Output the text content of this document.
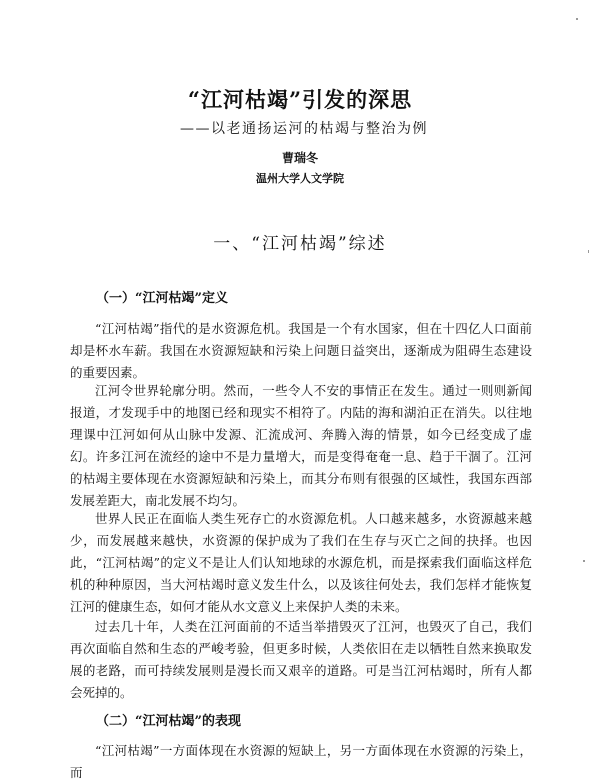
“江河枯竭”引发的深思
——以老通扬运河的枯竭与整治为例
曹瑞冬
温州大学人文学院
一、“江河枯竭”综述
（一）“江河枯竭”定义

“江河枯竭”指代的是水资源危机。我国是一个有水国家，但在十四亿人口面前却是杯水车薪。我国在水资源短缺和污染上问题日益突出，逐渐成为阻碍生态建设的重要因素。

江河令世界轮廓分明。然而，一些令人不安的事情正在发生。通过一则则新闻报道，才发现手中的地图已经和现实不相符了。内陆的海和湖泊正在消失。以往地理课中江河如何从山脉中发源、汇流成河、奔腾入海的情景，如今已经变成了虚幻。许多江河在流经的途中不是力量增大，而是变得奄奄一息、趋于干涸了。江河的枯竭主要体现在水资源短缺和污染上，而其分布则有很强的区域性，我国东西部发展差距大，南北发展不均匀。

世界人民正在面临人类生死存亡的水资源危机。人口越来越多，水资源越来越少，而发展越来越快，水资源的保护成为了我们在生存与灭亡之间的抉择。也因此，“江河枯竭”的定义不是让人们认知地球的水源危机，而是探索我们面临这样危机的种种原因，当大河枯竭时意义发生什么，以及该往何处去，我们怎样才能恢复江河的健康生态，如何才能从水文意义上来保护人类的未来。

过去几十年，人类在江河面前的不适当举措毁灭了江河，也毁灭了自己，我们再次面临自然和生态的严峻考验，但更多时候，人类依旧在走以牺牲自然来换取发展的老路，而可持续发展则是漫长而又艰辛的道路。可是当江河枯竭时，所有人都会死掉的。

（二）“江河枯竭”的表现

“江河枯竭”一方面体现在水资源的短缺上，另一方面体现在水资源的污染上，而
